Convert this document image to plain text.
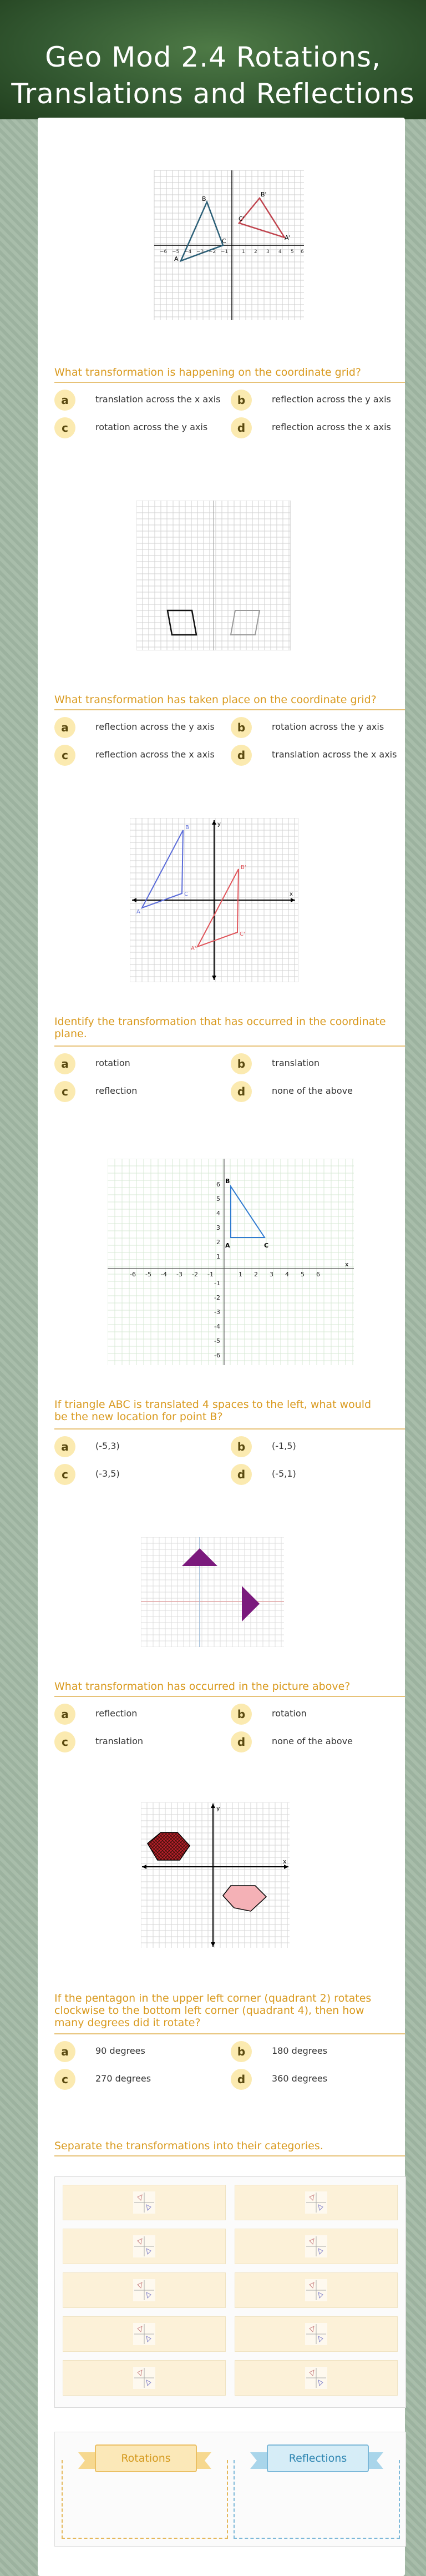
Geo Mod 2.4 Rotations,
Translations and Reflections
A
B
C	A'
B'
C'
−6 −5 −4 −3 −2 −1	1 2 3 4 5 6
What transformation is happening on the coordinate grid?
a	translation across the x axis	b	reflection across the y axis
c	rotation across the y axis	d	reflection across the x axis
What transformation has taken place on the coordinate grid?
a	reflection across the y axis	b	rotation across the y axis
c	reflection across the x axis	d	translation across the x axis
A
B
C
A'
B'
C'
y
x
Identify the transformation that has occurred in the coordinate
plane.
a	rotation	b	translation
c	reflection	d	none of the above
B
A	C
x
-6 -5 -4 -3 -2 -1	1 2 3 4 5 6
6
5
4
3
2
1
-1
-2
-3
-4
-5
-6
If triangle ABC is translated 4 spaces to the left, what would
be the new location for point B?
a	(-5,3)	b	(-1,5)
c	(-3,5)	d	(-5,1)
What transformation has occurred in the picture above?
a	reflection	b	rotation
c	translation	d	none of the above
y
x
If the pentagon in the upper left corner (quadrant 2) rotates
clockwise to the bottom left corner (quadrant 4), then how
many degrees did it rotate?
a	90 degrees	b	180 degrees
c	270 degrees	d	360 degrees
Separate the transformations into their categories.
Rotations	Reflections
